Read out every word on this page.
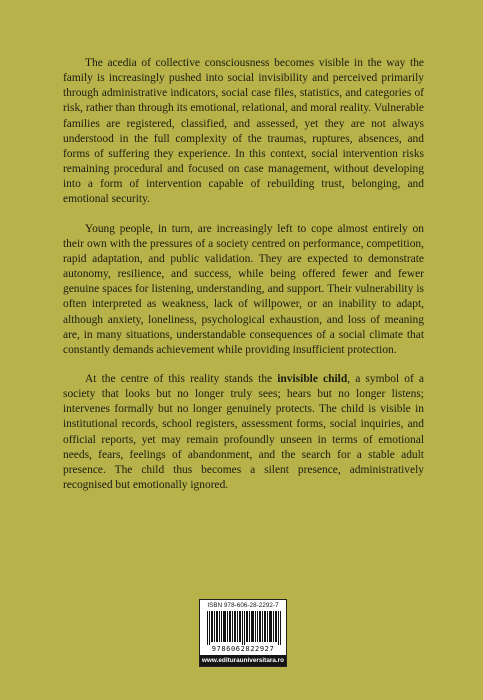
The acedia of collective consciousness becomes visible in the way the family is increasingly pushed into social invisibility and perceived primarily through administrative indicators, social case files, statistics, and categories of risk, rather than through its emotional, relational, and moral reality. Vulnerable families are registered, classified, and assessed, yet they are not always understood in the full complexity of the traumas, ruptures, absences, and forms of suffering they experience. In this context, social intervention risks remaining procedural and focused on case management, without developing into a form of intervention capable of rebuilding trust, belonging, and emotional security.

Young people, in turn, are increasingly left to cope almost entirely on their own with the pressures of a society centred on performance, competition, rapid adaptation, and public validation. They are expected to demonstrate autonomy, resilience, and success, while being offered fewer and fewer genuine spaces for listening, understanding, and support. Their vulnerability is often interpreted as weakness, lack of willpower, or an inability to adapt, although anxiety, loneliness, psychological exhaustion, and loss of meaning are, in many situations, understandable consequences of a social climate that constantly demands achievement while providing insufficient protection.

At the centre of this reality stands the invisible child, a symbol of a society that looks but no longer truly sees; hears but no longer listens; intervenes formally but no longer genuinely protects. The child is visible in institutional records, school registers, assessment forms, social inquiries, and official reports, yet may remain profoundly unseen in terms of emotional needs, fears, feelings of abandonment, and the search for a stable adult presence. The child thus becomes a silent presence, administratively recognised but emotionally ignored.

ISBN 978-606-28-2292-7
9786062822927
www.editurauniversitara.ro
